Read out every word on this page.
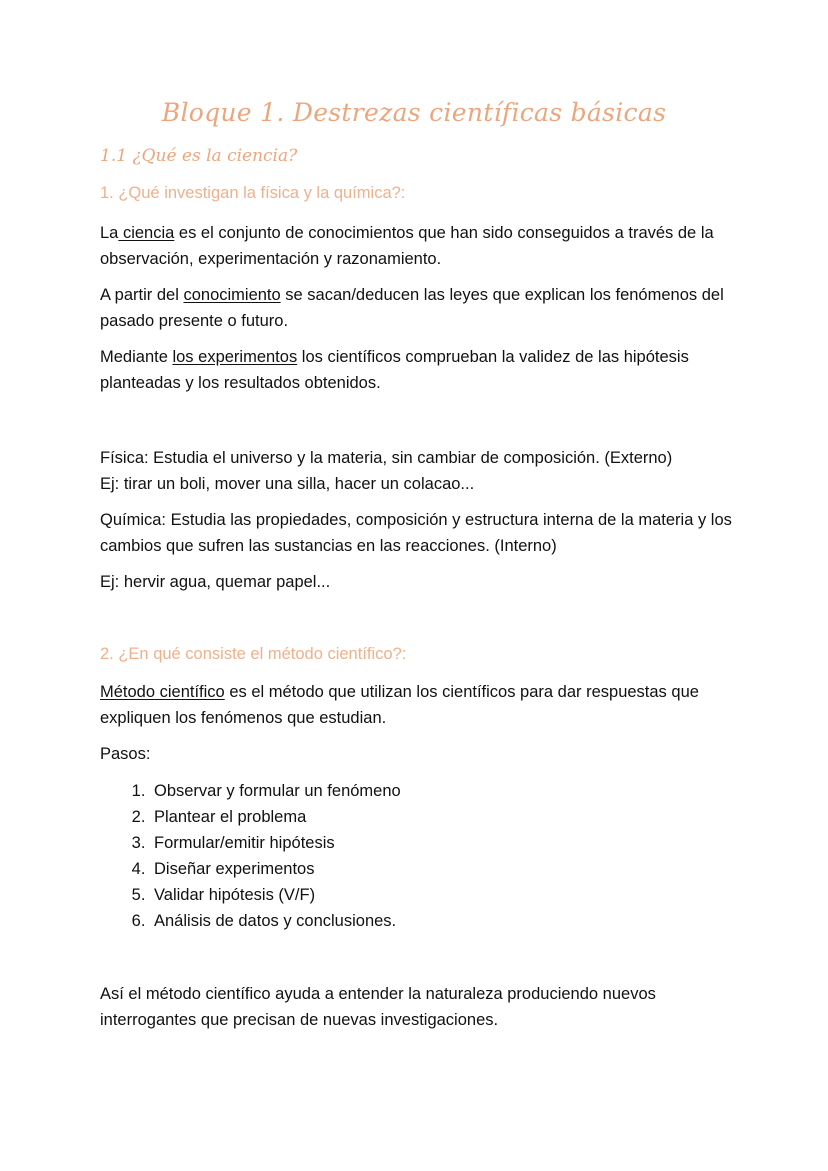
Bloque 1. Destrezas científicas básicas
1.1 ¿Qué es la ciencia?
1. ¿Qué investigan la física y la química?:
La ciencia es el conjunto de conocimientos que han sido conseguidos a través de la observación, experimentación y razonamiento.
A partir del conocimiento se sacan/deducen las leyes que explican los fenómenos del pasado presente o futuro.
Mediante los experimentos los científicos comprueban la validez de las hipótesis planteadas y los resultados obtenidos.
Física: Estudia el universo y la materia, sin cambiar de composición. (Externo)
Ej: tirar un boli, mover una silla, hacer un colacao...
Química: Estudia las propiedades, composición y estructura interna de la materia y los cambios que sufren las sustancias en las reacciones. (Interno)
Ej: hervir agua, quemar papel...
2. ¿En qué consiste el método científico?:
Método científico es el método que utilizan los científicos para dar respuestas que expliquen los fenómenos que estudian.
Pasos:
1. Observar y formular un fenómeno
2. Plantear el problema
3. Formular/emitir hipótesis
4. Diseñar experimentos
5. Validar hipótesis (V/F)
6. Análisis de datos y conclusiones.
Así el método científico ayuda a entender la naturaleza produciendo nuevos interrogantes que precisan de nuevas investigaciones.
